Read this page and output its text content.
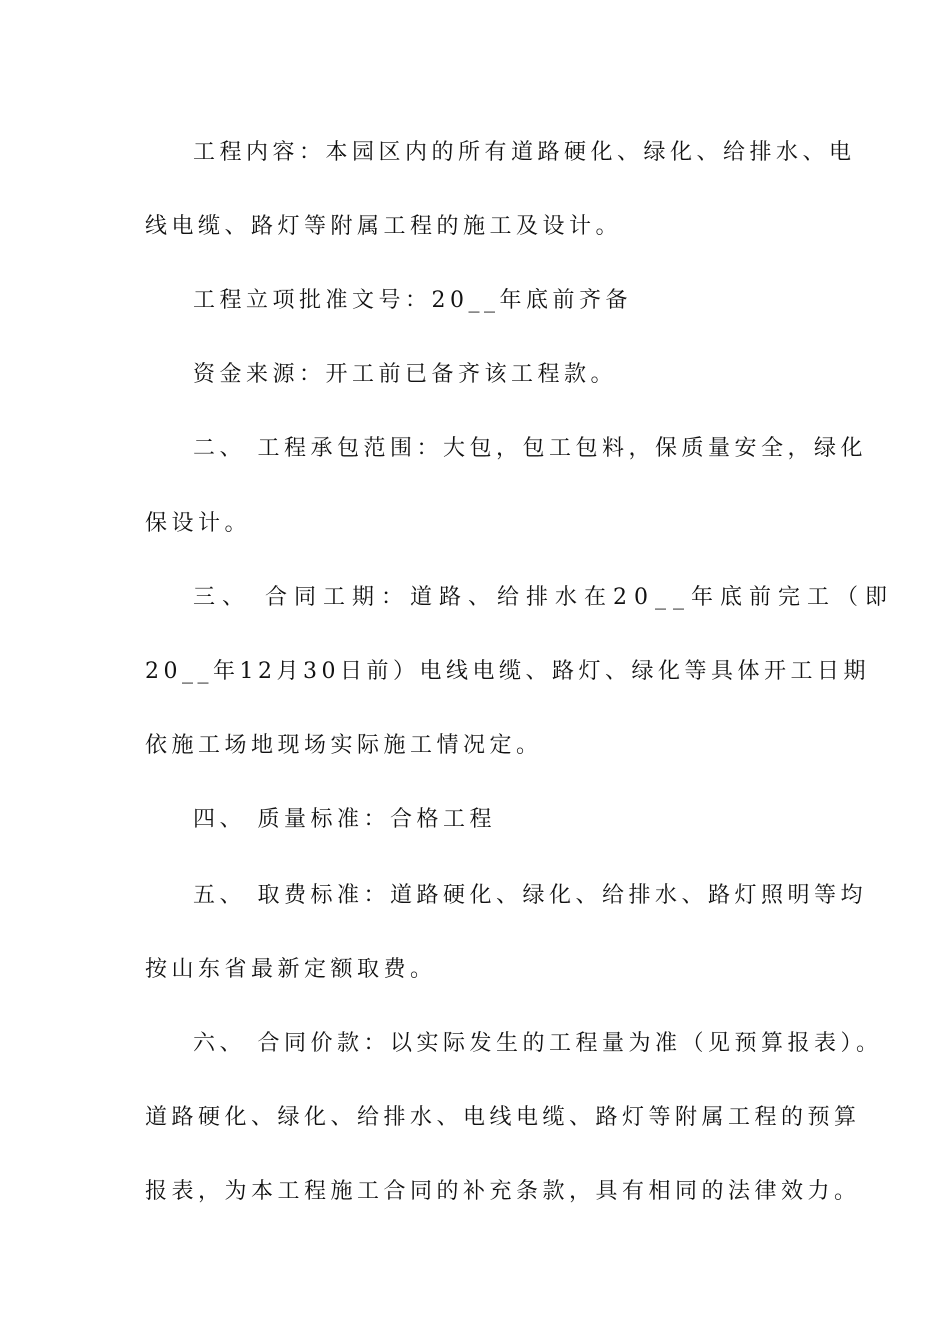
工程内容：本园区内的所有道路硬化、绿化、给排水、电
线电缆、路灯等附属工程的施工及设计。
工程立项批准文号：20__年底前齐备
资金来源：开工前已备齐该工程款。
二、 工程承包范围：大包，包工包料，保质量安全，绿化
保设计。
三、 合同工期：道路、给排水在20__年底前完工（即
20__年12月30日前）电线电缆、路灯、绿化等具体开工日期
依施工场地现场实际施工情况定。
四、 质量标准：合格工程
五、 取费标准：道路硬化、绿化、给排水、路灯照明等均
按山东省最新定额取费。
六、 合同价款：以实际发生的工程量为准（见预算报表）。
道路硬化、绿化、给排水、电线电缆、路灯等附属工程的预算
报表，为本工程施工合同的补充条款，具有相同的法律效力。
